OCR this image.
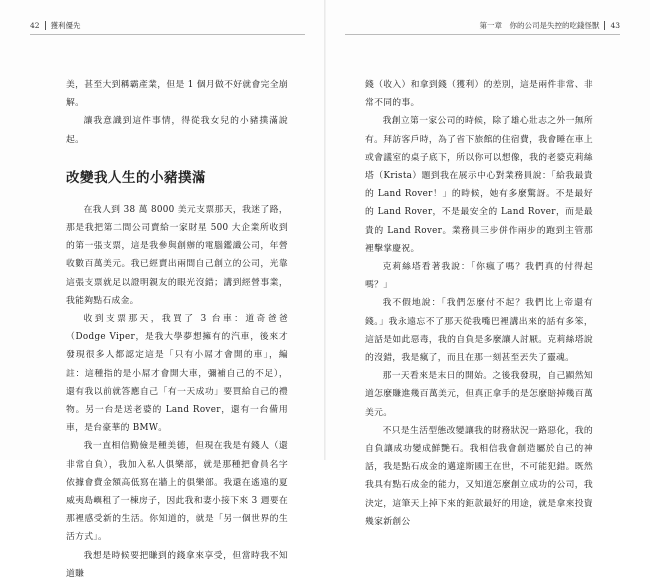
42 獲利優先

美，甚至大到稱霸產業，但是 1 個月做不好就會完全崩解。

讓我意識到這件事情，得從我女兒的小豬撲滿說起。

改變我人生的小豬撲滿

在我人到 38 萬 8000 美元支票那天，我迷了路，那是我把第二間公司賣給一家財星 500 大企業所收到的第一張支票，這是我參與創辦的電腦鑑識公司，年營收數百萬美元。我已經賣出兩間自己創立的公司，光靠這張支票就足以證明親友的眼光沒錯；講到經營事業，我能夠點石成金。

收到支票那天，我買了 3 台車：道奇爸爸（Dodge Viper，是我大學夢想擁有的汽車，後來才發現很多人都認定這是「只有小屌才會開的車」，編註：這種指的是小屌才會開大車，彌補自己的不足），還有我以前就答應自己「有一天成功」要買給自己的禮物。另一台是送老婆的 Land Rover，還有一台備用車，是台豪華的 BMW。

我一直相信勤儉是種美德，但現在我是有錢人（還非常自負），我加入私人俱樂部，就是那種把會員名字依據會費金額高低寫在牆上的俱樂部。我還在遙遠的夏威夷島嶼租了一棟房子，因此我和妻小接下來 3 週要在那裡感受新的生活。你知道的，就是「另一個世界的生活方式」。

我想是時候要把賺到的錢拿來享受，但當時我不知道賺

第一章　你的公司是失控的吃錢怪獸 43

錢（收入）和拿到錢（獲利）的差別，這是兩件非常、非常不同的事。

我創立第一家公司的時候，除了雄心壯志之外一無所有。拜訪客戶時，為了省下旅館的住宿費，我會睡在車上或會議室的桌子底下，所以你可以想像，我的老婆克莉絲塔（Krista）題到我在展示中心對業務員說：「給我最貴的 Land Rover！」的時候，她有多麼驚訝。不是最好的 Land Rover，不是最安全的 Land Rover，而是最貴的 Land Rover。業務員三步併作兩步的跑到主管那裡擊掌慶祝。

克莉絲塔看著我說：「你瘋了嗎？我們真的付得起嗎？」

我不假地說：「我們怎麼付不起？我們比上帝還有錢。」我永遠忘不了那天從我嘴巴裡講出來的話有多笨，這話是如此惡毒，我的自負是多麼讓人討厭。克莉絲塔說的沒錯，我是瘋了，而且在那一刻甚至丟失了靈魂。

那一天看來是末日的開始。之後我發現，自己顯然知道怎麼賺進幾百萬美元，但真正拿手的是怎麼賠掉幾百萬美元。

不只是生活型態改變讓我的財務狀況一路惡化，我的自負讓成功變成鮮艷石。我相信我會創造屬於自己的神話，我是點石成金的邁達斯國王在世，不可能犯錯。既然我具有點石成金的能力，又知道怎麼創立成功的公司，我決定，這筆天上掉下來的鉅款最好的用途，就是拿來投資幾家新創公
